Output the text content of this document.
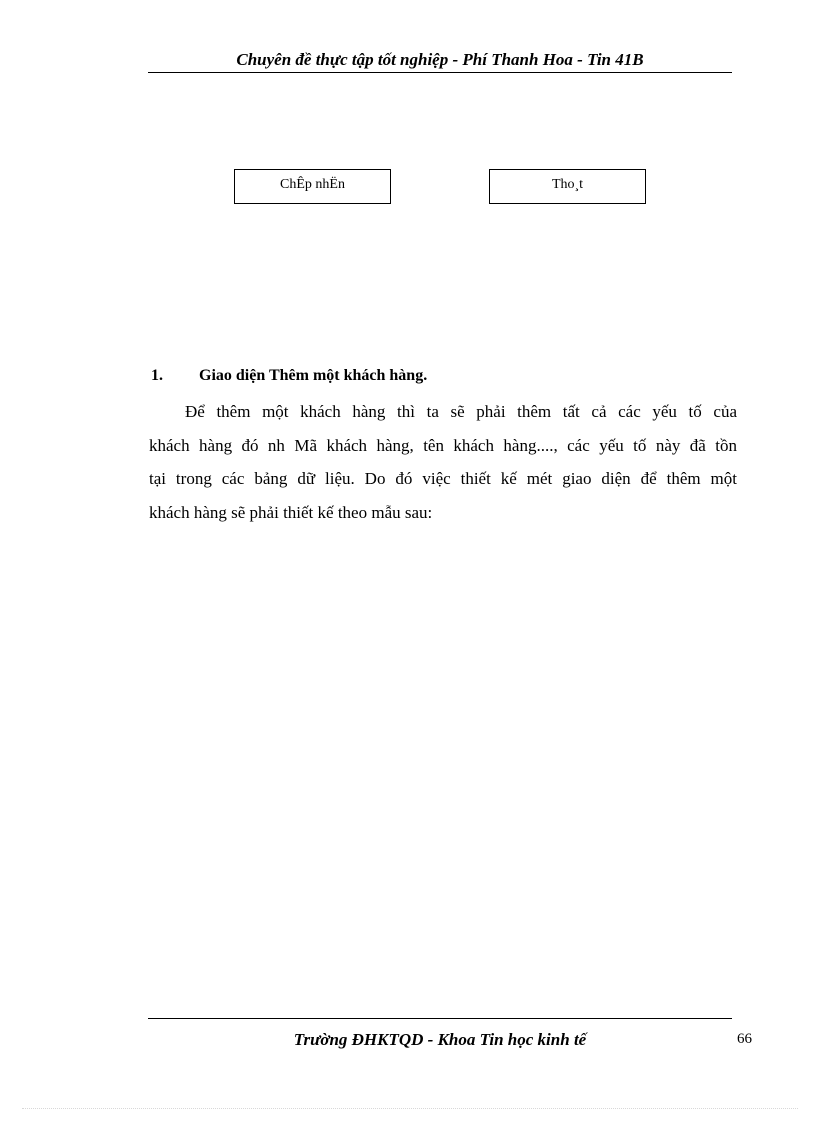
Chuyên đề thực tập tốt nghiệp - Phí Thanh Hoa - Tin 41B
ChÊp nhËn	Tho¸t
1. Giao diện Thêm một khách hàng.
Để thêm một khách hàng thì ta sẽ phải thêm tất cả các yếu tố của
khách hàng đó nh Mã khách hàng, tên khách hàng...., các yếu tố này đã tồn
tại trong các bảng dữ liệu. Do đó việc thiết kế mét giao diện để thêm một
khách hàng sẽ phải thiết kế theo mẫu sau:
Trường ĐHKTQD - Khoa Tin học kinh tế	66
